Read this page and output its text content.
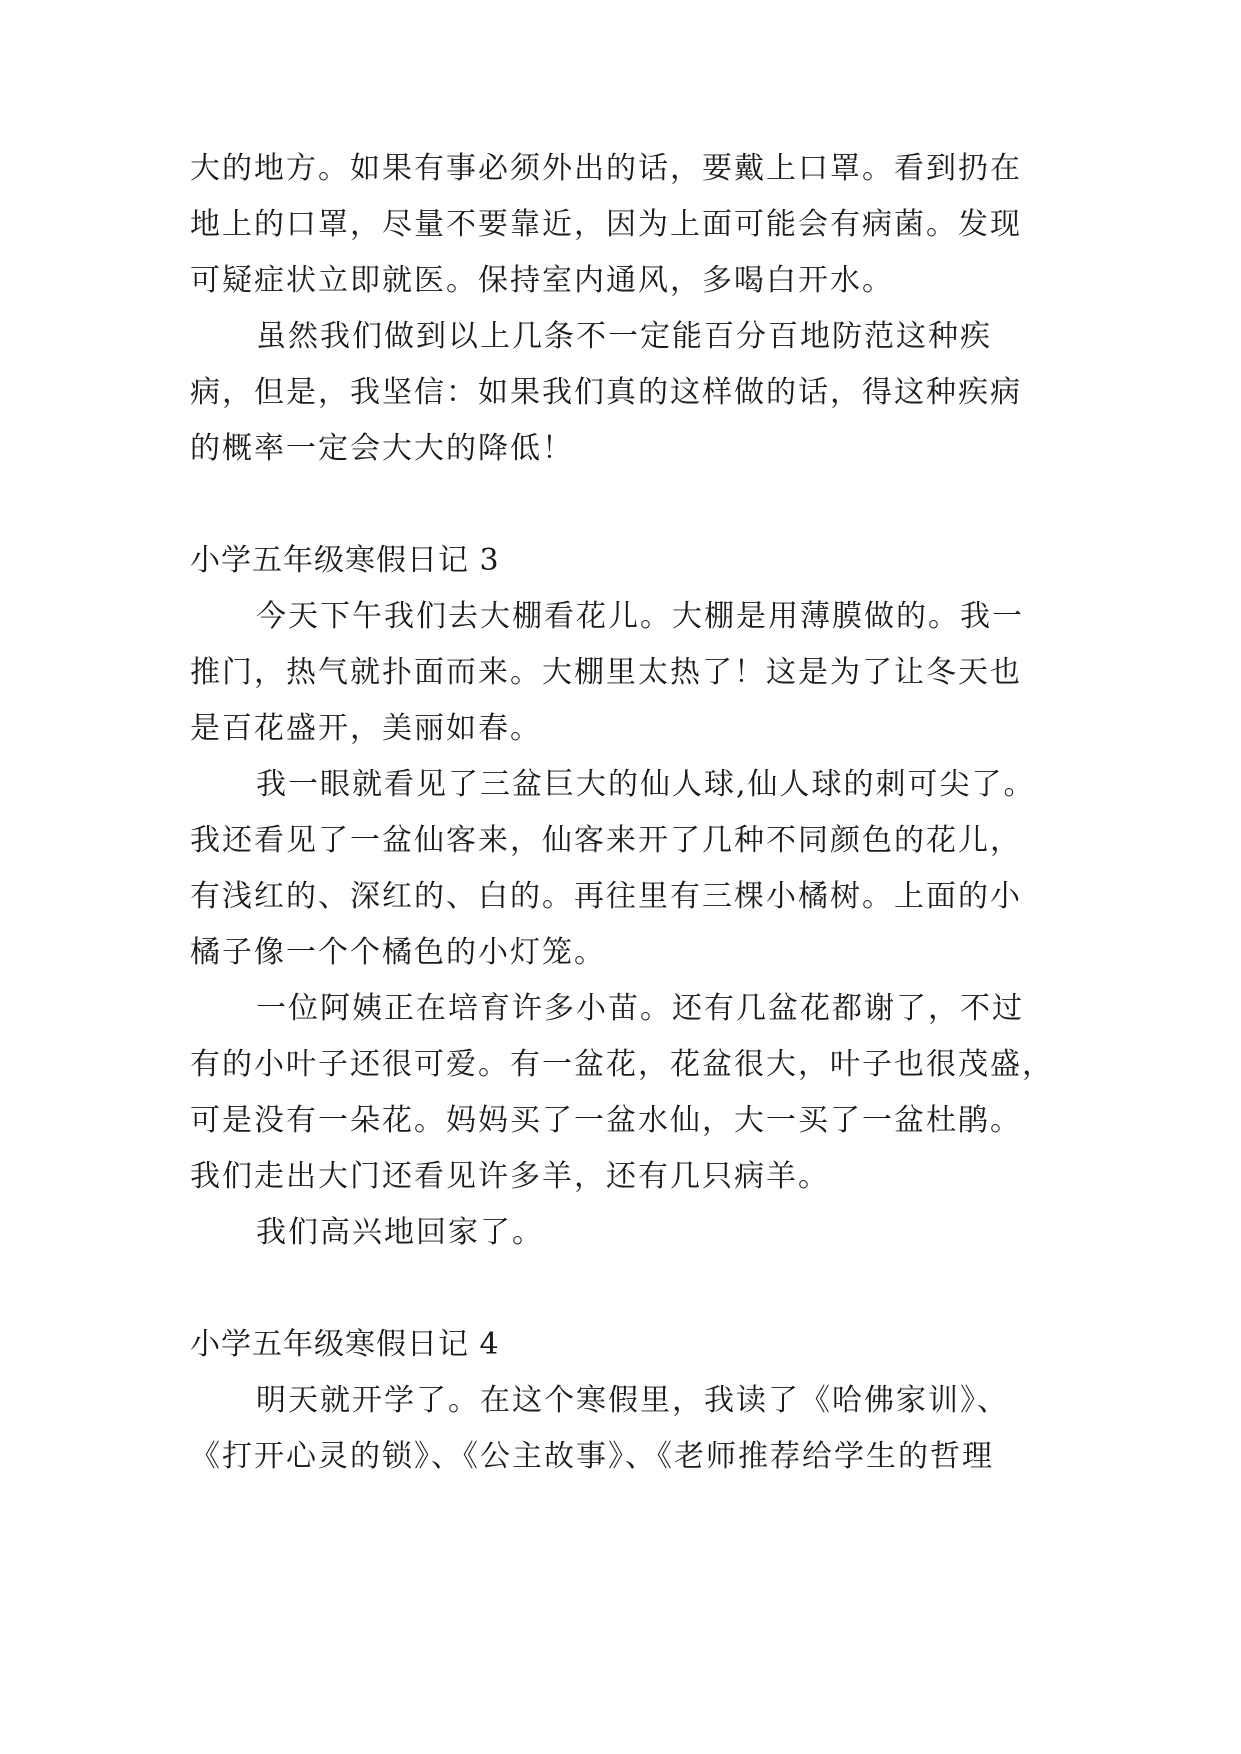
大的地方。如果有事必须外出的话，要戴上口罩。看到扔在
地上的口罩，尽量不要靠近，因为上面可能会有病菌。发现
可疑症状立即就医。保持室内通风，多喝白开水。
虽然我们做到以上几条不一定能百分百地防范这种疾
病，但是，我坚信：如果我们真的这样做的话，得这种疾病
的概率一定会大大的降低！
小学五年级寒假日记 3
今天下午我们去大棚看花儿。大棚是用薄膜做的。我一
推门，热气就扑面而来。大棚里太热了！这是为了让冬天也
是百花盛开，美丽如春。
我一眼就看见了三盆巨大的仙人球,仙人球的刺可尖了。
我还看见了一盆仙客来，仙客来开了几种不同颜色的花儿，
有浅红的、深红的、白的。再往里有三棵小橘树。上面的小
橘子像一个个橘色的小灯笼。
一位阿姨正在培育许多小苗。还有几盆花都谢了，不过
有的小叶子还很可爱。有一盆花，花盆很大，叶子也很茂盛，
可是没有一朵花。妈妈买了一盆水仙，大一买了一盆杜鹃。
我们走出大门还看见许多羊，还有几只病羊。
我们高兴地回家了。
小学五年级寒假日记 4
明天就开学了。在这个寒假里，我读了《哈佛家训》、
《打开心灵的锁》、《公主故事》、《老师推荐给学生的哲理
